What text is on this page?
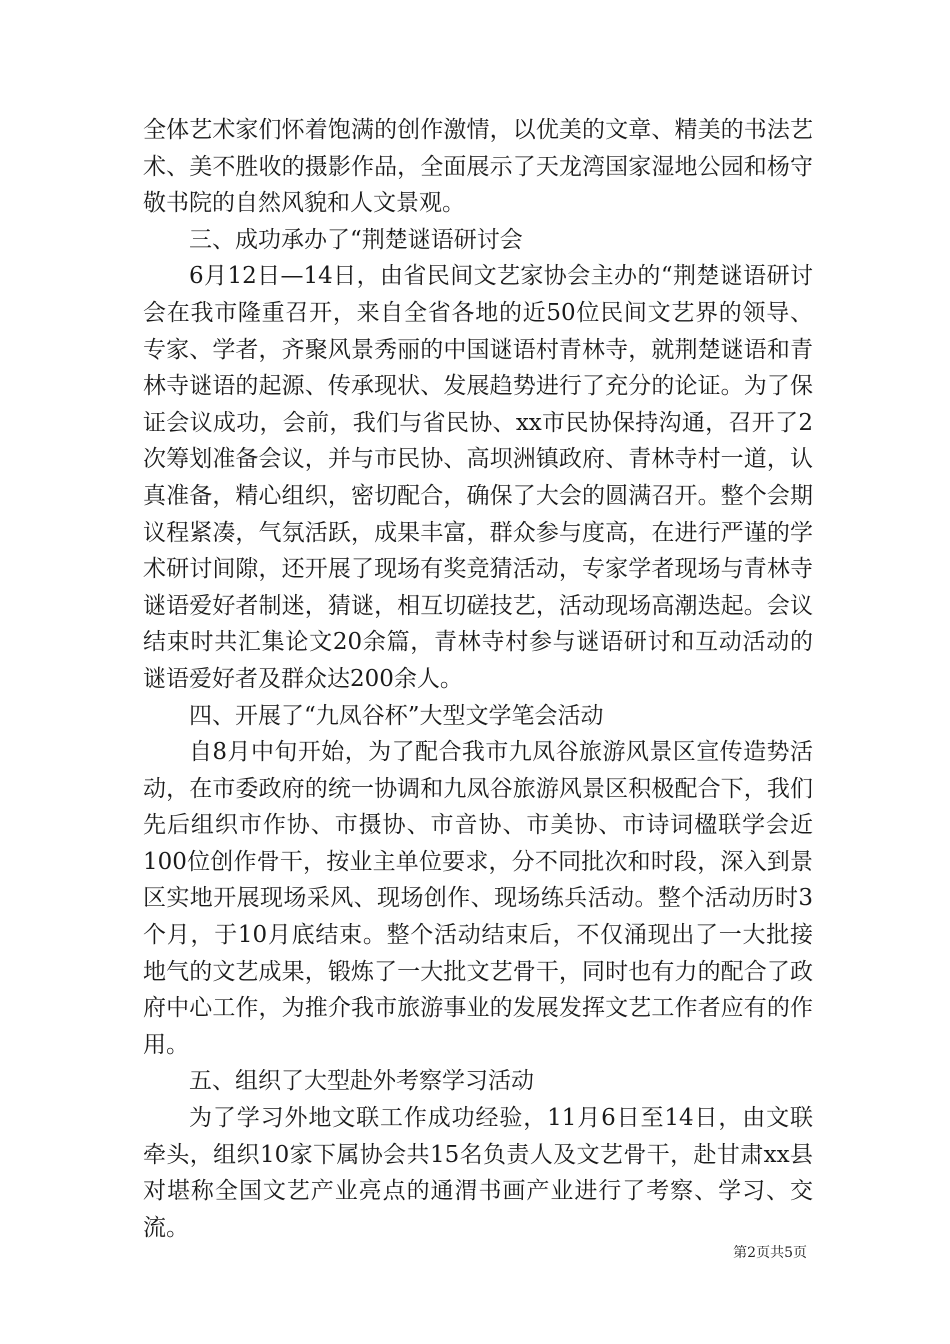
全体艺术家们怀着饱满的创作激情，以优美的文章、精美的书法艺术、美不胜收的摄影作品，全面展示了天龙湾国家湿地公园和杨守敬书院的自然风貌和人文景观。

三、成功承办了“荆楚谜语研讨会

6月12日—14日，由省民间文艺家协会主办的“荆楚谜语研讨会在我市隆重召开，来自全省各地的近50位民间文艺界的领导、专家、学者，齐聚风景秀丽的中国谜语村青林寺，就荆楚谜语和青林寺谜语的起源、传承现状、发展趋势进行了充分的论证。为了保证会议成功，会前，我们与省民协、xx市民协保持沟通，召开了2次筹划准备会议，并与市民协、高坝洲镇政府、青林寺村一道，认真准备，精心组织，密切配合，确保了大会的圆满召开。整个会期议程紧凑，气氛活跃，成果丰富，群众参与度高，在进行严谨的学术研讨间隙，还开展了现场有奖竞猜活动，专家学者现场与青林寺谜语爱好者制迷，猜谜，相互切磋技艺，活动现场高潮迭起。会议结束时共汇集论文20余篇，青林寺村参与谜语研讨和互动活动的谜语爱好者及群众达200余人。

四、开展了“九凤谷杯”大型文学笔会活动

自8月中旬开始，为了配合我市九凤谷旅游风景区宣传造势活动，在市委政府的统一协调和九凤谷旅游风景区积极配合下，我们先后组织市作协、市摄协、市音协、市美协、市诗词楹联学会近100位创作骨干，按业主单位要求，分不同批次和时段，深入到景区实地开展现场采风、现场创作、现场练兵活动。整个活动历时3个月，于10月底结束。整个活动结束后，不仅涌现出了一大批接地气的文艺成果，锻炼了一大批文艺骨干，同时也有力的配合了政府中心工作，为推介我市旅游事业的发展发挥文艺工作者应有的作用。

五、组织了大型赴外考察学习活动

为了学习外地文联工作成功经验，11月6日至14日，由文联牵头，组织10家下属协会共15名负责人及文艺骨干，赴甘肃xx县对堪称全国文艺产业亮点的通渭书画产业进行了考察、学习、交流。

第2页共5页
